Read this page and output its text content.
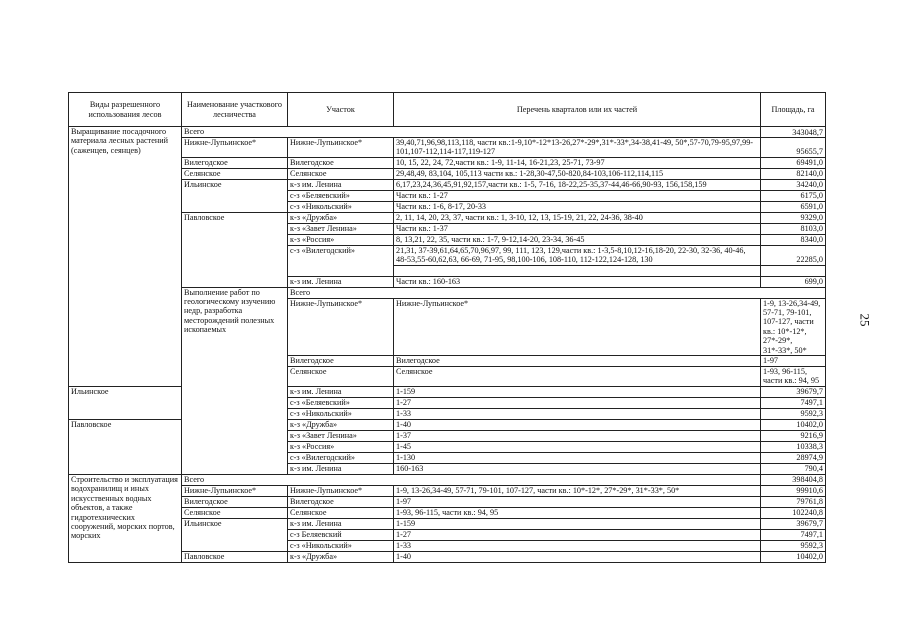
Виды разрешенного использования лесов	Наименование участкового лесничества	Участок	Перечень кварталов или их частей	Площадь, га	
Выращивание посадочного материала лесных растений (саженцев, сеянцев)	Всего			343048,7	
	Нижне-Лупьинское*	Нижне-Лупьинское*	39,40,71,96,98,113,118, части кв.:1-9,10*-12*13-26,27*-29*,31*-33*,34-38,41-49, 50*,57-70,79-95,97,99-101,107-112,114-117,119-127	95655,7	
	Вилегодское	Вилегодское	10, 15, 22, 24, 72,части кв.: 1-9, 11-14, 16-21,23, 25-71, 73-97	69491,0	
	Селянское	Селянское	29,48,49, 83,104, 105,113 части кв.: 1-28,30-47,50-820,84-103,106-112,114,115	82140,0	
	Ильинское	к-з им. Ленина	6,17,23,24,36,45,91,92,157,части кв.: 1-5, 7-16, 18-22,25-35,37-44,46-66,90-93, 156,158,159	34240,0	
		с-з «Беляевский»	Части кв.: 1-27	6175,0	
		с-з «Никольский»	Части кв.: 1-6, 8-17, 20-33	6591,0	
	Павловское	к-з «Дружба»	2, 11, 14, 20, 23, 37, части кв.: 1, 3-10, 12, 13, 15-19, 21, 22, 24-36, 38-40	9329,0	
		к-з «Завет Ленина»	Части кв.: 1-37	8103,0	
		к-з «Россия»	8, 13,21, 22, 35, части кв.: 1-7, 9-12,14-20, 23-34, 36-45	8340,0	
		с-з «Вилегодский»	21,31, 37-39,61,64,65,70,96,97, 99, 111, 123, 129,части кв.: 1-3,5-8,10,12-16,18-20, 22-30, 32-36, 40-46, 48-53,55-60,62,63, 66-69, 71-95, 98,100-106, 108-110, 112-122,124-128, 130	22285,0	

		к-з им. Ленина	Части кв.: 160-163	699,0	
	Выполнение работ по геологическому изучению недр, разработка месторождений полезных ископаемых	Всего	
		Нижне-Лупьинское*	Нижне-Лупьинское*	1-9, 13-26,34-49, 57-71, 79-101, 107-127, части кв.: 10*-12*, 27*-29*, 31*-33*, 50*	
		Вилегодское	Вилегодское	1-97	
		Селянское	Селянское	1-93, 96-115, части кв.: 94, 95	
Ильинское		к-з им. Ленина	1-159	39679,7	
		с-з «Беляевский»	1-27	7497,1	
		с-з «Никольский»	1-33	9592,3	
Павловское		к-з «Дружба»	1-40	10402,0	
		к-з «Завет Ленина»	1-37	9216,9	
		к-з «Россия»	1-45	10338,3	
		с-з «Вилегодский»	1-130	28974,9	
		к-з им. Ленина	160-163	790,4	
Строительство и эксплуатация водохранилищ и иных искусственных водных объектов, а также гидротехнических сооружений, морских портов, морских	Всего			398404,8	
	Нижне-Лупьинское*	Нижне-Лупьинское*	1-9, 13-26,34-49, 57-71, 79-101, 107-127, части кв.: 10*-12*, 27*-29*, 31*-33*, 50*	99910,6	
	Вилегодское	Вилегодское	1-97	79761,8	
	Селянское	Селянское	1-93, 96-115, части кв.: 94, 95	102240,8	
	Ильинское	к-з им. Ленина	1-159	39679,7	
		с-з Беляевский	1-27	7497,1	
		с-з «Никольский»	1-33	9592,3	
	Павловское	к-з «Дружба»	1-40	10402,0	
25
